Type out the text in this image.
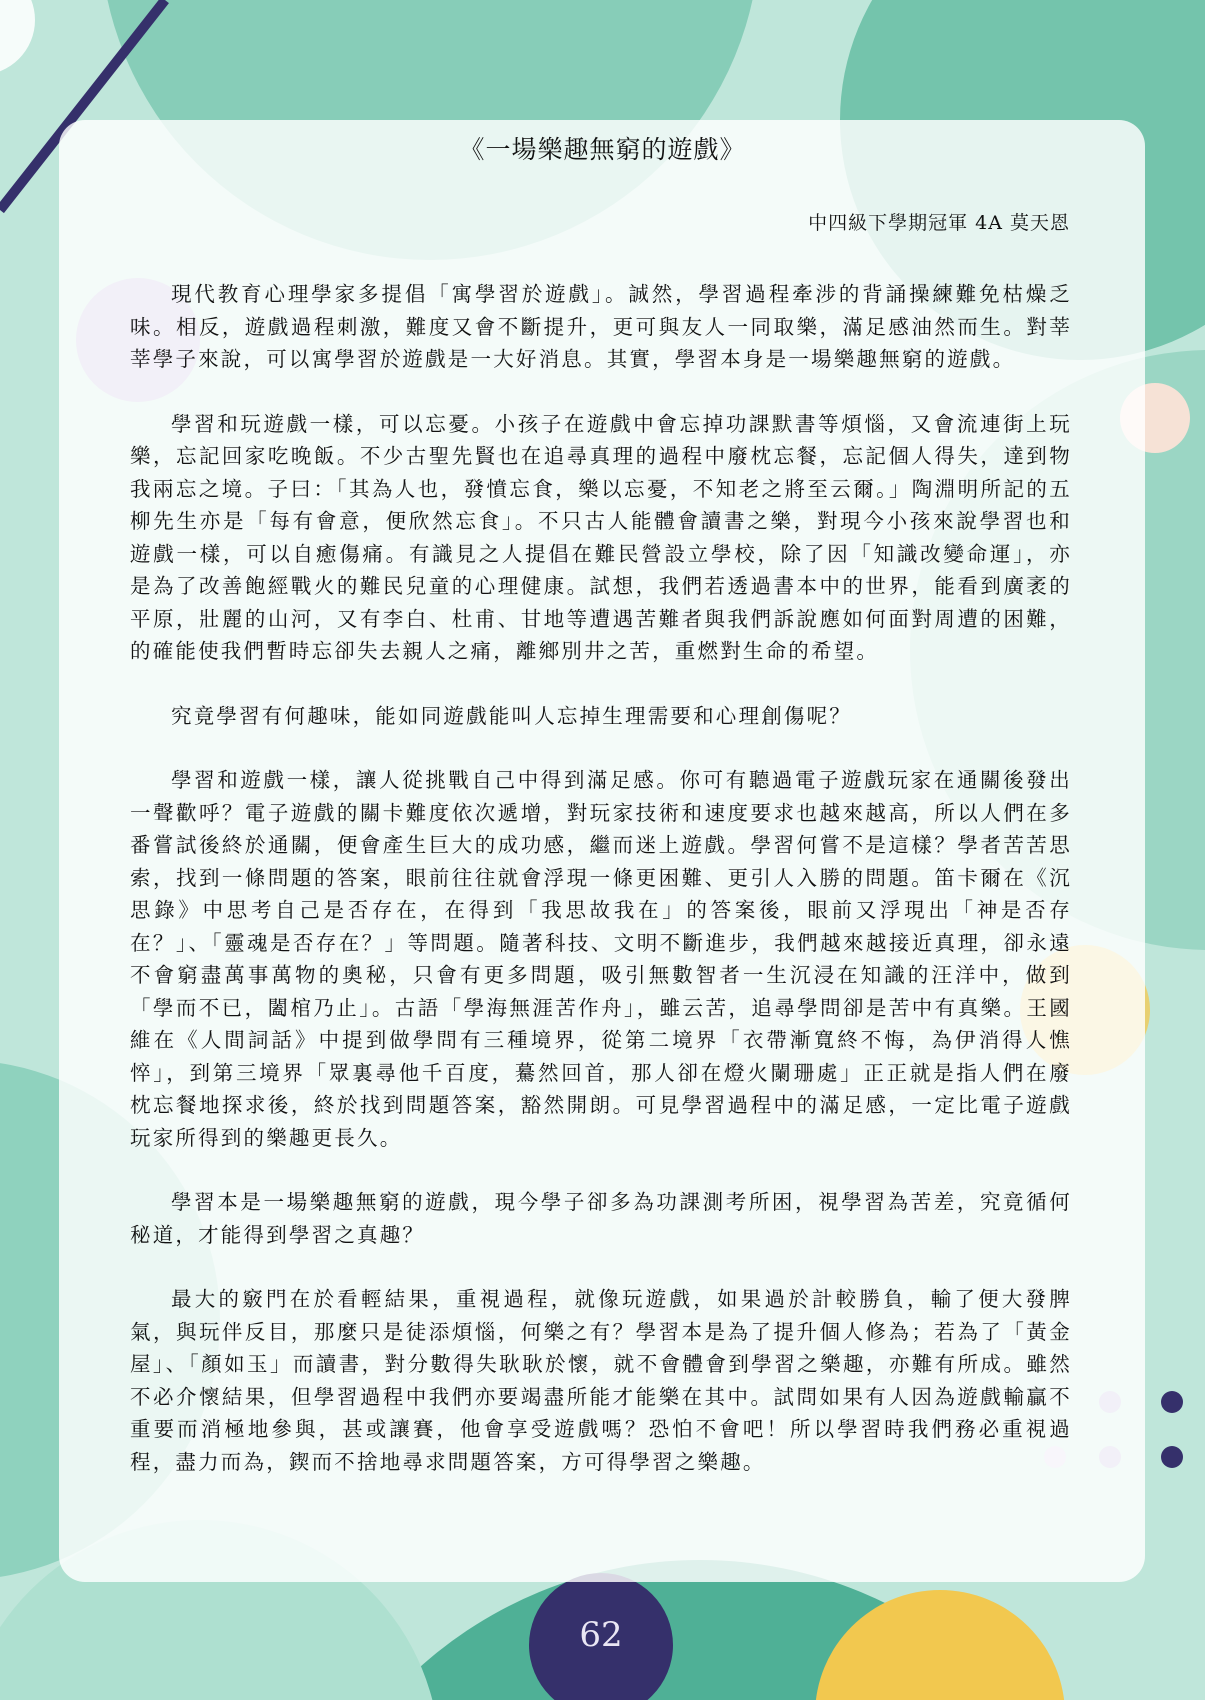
《一場樂趣無窮的遊戲》
中四級下學期冠軍 4A 莫天恩

現代教育心理學家多提倡「寓學習於遊戲」。誠然，學習過程牽涉的背誦操練難免枯燥乏味。相反，遊戲過程刺激，難度又會不斷提升，更可與友人一同取樂，滿足感油然而生。對莘莘學子來說，可以寓學習於遊戲是一大好消息。其實，學習本身是一場樂趣無窮的遊戲。

學習和玩遊戲一樣，可以忘憂。小孩子在遊戲中會忘掉功課默書等煩惱，又會流連街上玩樂，忘記回家吃晚飯。不少古聖先賢也在追尋真理的過程中廢枕忘餐，忘記個人得失，達到物我兩忘之境。子曰：「其為人也，發憤忘食，樂以忘憂，不知老之將至云爾。」陶淵明所記的五柳先生亦是「每有會意，便欣然忘食」。不只古人能體會讀書之樂，對現今小孩來說學習也和遊戲一樣，可以自癒傷痛。有識見之人提倡在難民營設立學校，除了因「知識改變命運」，亦是為了改善飽經戰火的難民兒童的心理健康。試想，我們若透過書本中的世界，能看到廣袤的平原，壯麗的山河，又有李白、杜甫、甘地等遭遇苦難者與我們訴說應如何面對周遭的困難，的確能使我們暫時忘卻失去親人之痛，離鄉別井之苦，重燃對生命的希望。

究竟學習有何趣味，能如同遊戲能叫人忘掉生理需要和心理創傷呢？

學習和遊戲一樣，讓人從挑戰自己中得到滿足感。你可有聽過電子遊戲玩家在通關後發出一聲歡呼？電子遊戲的關卡難度依次遞增，對玩家技術和速度要求也越來越高，所以人們在多番嘗試後終於通關，便會產生巨大的成功感，繼而迷上遊戲。學習何嘗不是這樣？學者苦苦思索，找到一條問題的答案，眼前往往就會浮現一條更困難、更引人入勝的問題。笛卡爾在《沉思錄》中思考自己是否存在，在得到「我思故我在」的答案後，眼前又浮現出「神是否存在？」、「靈魂是否存在？」等問題。隨著科技、文明不斷進步，我們越來越接近真理，卻永遠不會窮盡萬事萬物的奧秘，只會有更多問題，吸引無數智者一生沉浸在知識的汪洋中，做到「學而不已，闔棺乃止」。古語「學海無涯苦作舟」，雖云苦，追尋學問卻是苦中有真樂。王國維在《人間詞話》中提到做學問有三種境界，從第二境界「衣帶漸寬終不悔，為伊消得人憔悴」，到第三境界「眾裏尋他千百度，驀然回首，那人卻在燈火闌珊處」正正就是指人們在廢枕忘餐地探求後，終於找到問題答案，豁然開朗。可見學習過程中的滿足感，一定比電子遊戲玩家所得到的樂趣更長久。

學習本是一場樂趣無窮的遊戲，現今學子卻多為功課測考所困，視學習為苦差，究竟循何秘道，才能得到學習之真趣？

最大的竅門在於看輕結果，重視過程，就像玩遊戲，如果過於計較勝負，輸了便大發脾氣，與玩伴反目，那麼只是徒添煩惱，何樂之有？學習本是為了提升個人修為；若為了「黃金屋」、「顏如玉」而讀書，對分數得失耿耿於懷，就不會體會到學習之樂趣，亦難有所成。雖然不必介懷結果，但學習過程中我們亦要竭盡所能才能樂在其中。試問如果有人因為遊戲輸贏不重要而消極地參與，甚或讓賽，他會享受遊戲嗎？恐怕不會吧！所以學習時我們務必重視過程，盡力而為，鍥而不捨地尋求問題答案，方可得學習之樂趣。

62
